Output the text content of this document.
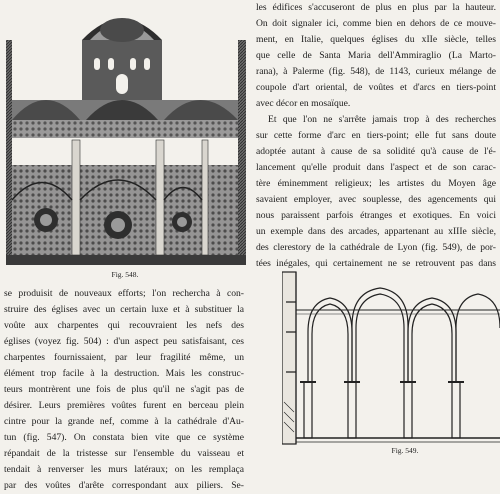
Fig. 548.
les édifices s'accuseront de plus en plus par la hauteur.
On doit signaler ici, comme bien en dehors de ce mouve-
ment, en Italie, quelques églises du xIIe siècle, telles
que celle de Santa Maria dell'Ammiraglio (La Marto-
rana), à Palerme (fig. 548), de 1143, curieux mélange de
coupole d'art oriental, de voûtes et d'arcs en tiers-point
avec décor en mosaïque.
Et que l'on ne s'arrête jamais trop à des recherches
sur cette forme d'arc en tiers-point; elle fut sans doute
adoptée autant à cause de sa solidité qu'à cause de l'é-
lancement qu'elle produit dans l'aspect et de son carac-
tère éminemment religieux; les artistes du Moyen âge
savaient employer, avec souplesse, des agencements qui
nous paraissent parfois étranges et exotiques. En voici
un exemple dans des arcades, appartenant au xIIIe siècle,
des clerestory de la cathédrale de Lyon (fig. 549), de por-
tées inégales, qui certainement ne se retrouvent pas dans
se produisit de nouveaux efforts; l'on rechercha à con-
struire des églises avec un certain luxe et à substituer la
voûte aux charpentes qui recouvraient les nefs des
églises (voyez fig. 504) : d'un aspect peu satisfaisant, ces
charpentes fournissaient, par leur fragilité même, un
élément trop facile à la destruction. Mais les construc-
teurs montrèrent une fois de plus qu'il ne s'agit pas de
désirer. Leurs premières voûtes furent en berceau plein
cintre pour la grande nef, comme à la cathédrale d'Au-
tun (fig. 547). On constata bien vite que ce système
répandait de la tristesse sur l'ensemble du vaisseau et
tendait à renverser les murs latéraux; on les remplaça
par des voûtes d'arête correspondant aux piliers. Se-
Fig. 549.
